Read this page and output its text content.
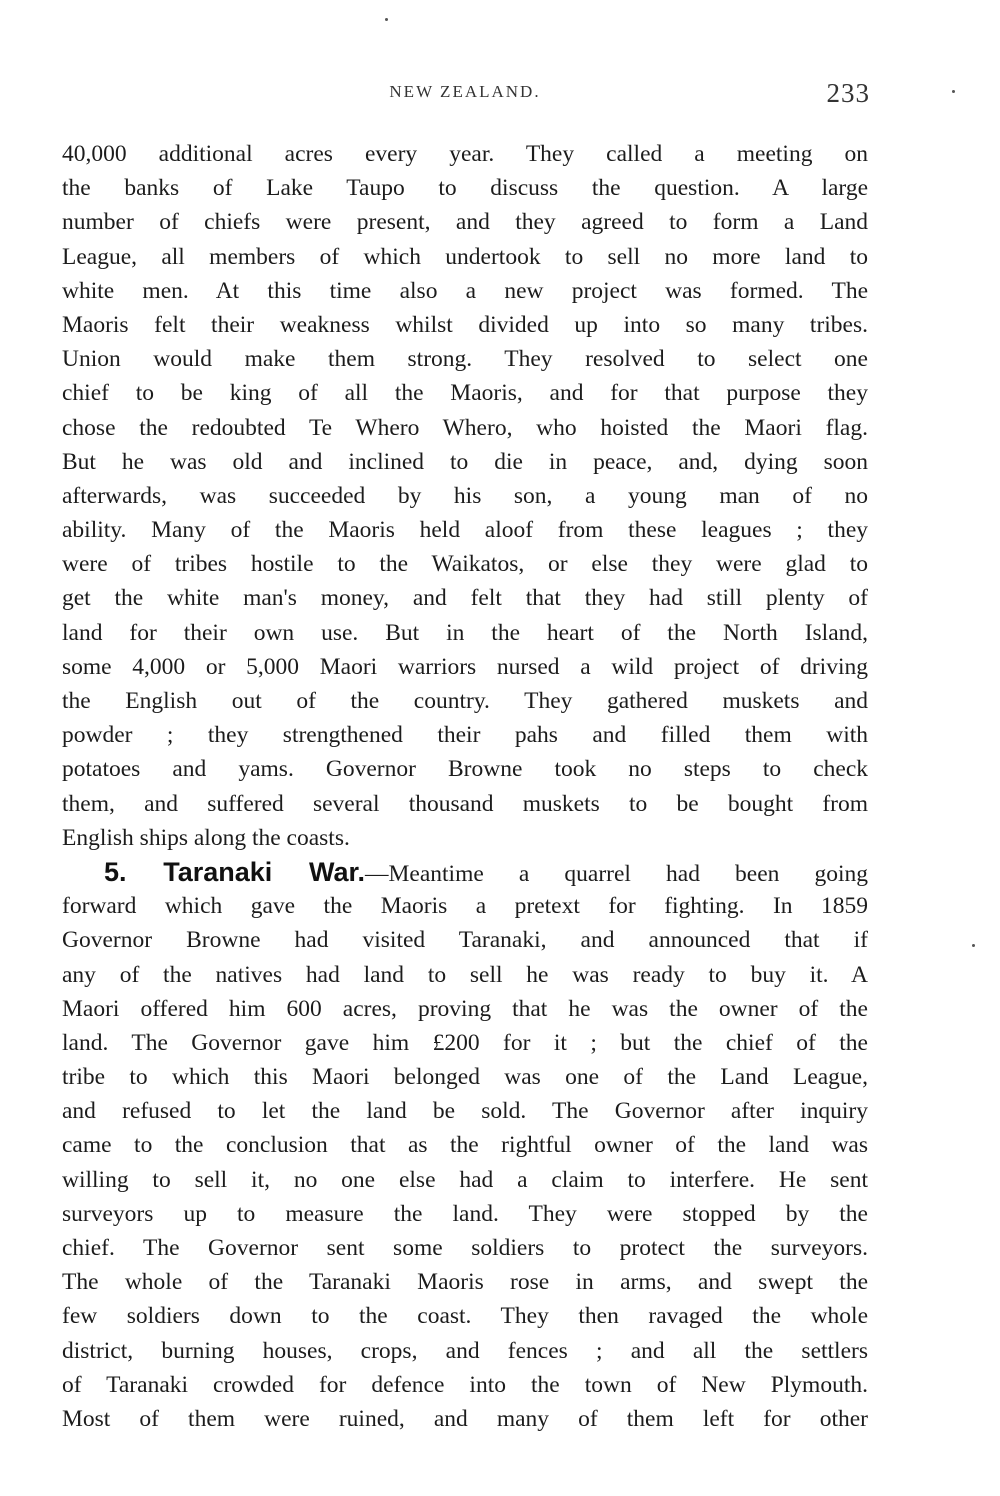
NEW ZEALAND.	233
40,000 additional acres every year. They called a meeting on
the banks of Lake Taupo to discuss the question. A large
number of chiefs were present, and they agreed to form a Land
League, all members of which undertook to sell no more land to
white men. At this time also a new project was formed. The
Maoris felt their weakness whilst divided up into so many tribes.
Union would make them strong. They resolved to select one
chief to be king of all the Maoris, and for that purpose they
chose the redoubted Te Whero Whero, who hoisted the Maori flag.
But he was old and inclined to die in peace, and, dying soon
afterwards, was succeeded by his son, a young man of no
ability. Many of the Maoris held aloof from these leagues ; they
were of tribes hostile to the Waikatos, or else they were glad to
get the white man's money, and felt that they had still plenty of
land for their own use. But in the heart of the North Island,
some 4,000 or 5,000 Maori warriors nursed a wild project of driving
the English out of the country. They gathered muskets and
powder ; they strengthened their pahs and filled them with
potatoes and yams. Governor Browne took no steps to check
them, and suffered several thousand muskets to be bought from
English ships along the coasts.
5. Taranaki War.—Meantime a quarrel had been going
forward which gave the Maoris a pretext for fighting. In 1859
Governor Browne had visited Taranaki, and announced that if
any of the natives had land to sell he was ready to buy it. A
Maori offered him 600 acres, proving that he was the owner of the
land. The Governor gave him £200 for it ; but the chief of the
tribe to which this Maori belonged was one of the Land League,
and refused to let the land be sold. The Governor after inquiry
came to the conclusion that as the rightful owner of the land was
willing to sell it, no one else had a claim to interfere. He sent
surveyors up to measure the land. They were stopped by the
chief. The Governor sent some soldiers to protect the surveyors.
The whole of the Taranaki Maoris rose in arms, and swept the
few soldiers down to the coast. They then ravaged the whole
district, burning houses, crops, and fences ; and all the settlers
of Taranaki crowded for defence into the town of New Plymouth.
Most of them were ruined, and many of them left for other
